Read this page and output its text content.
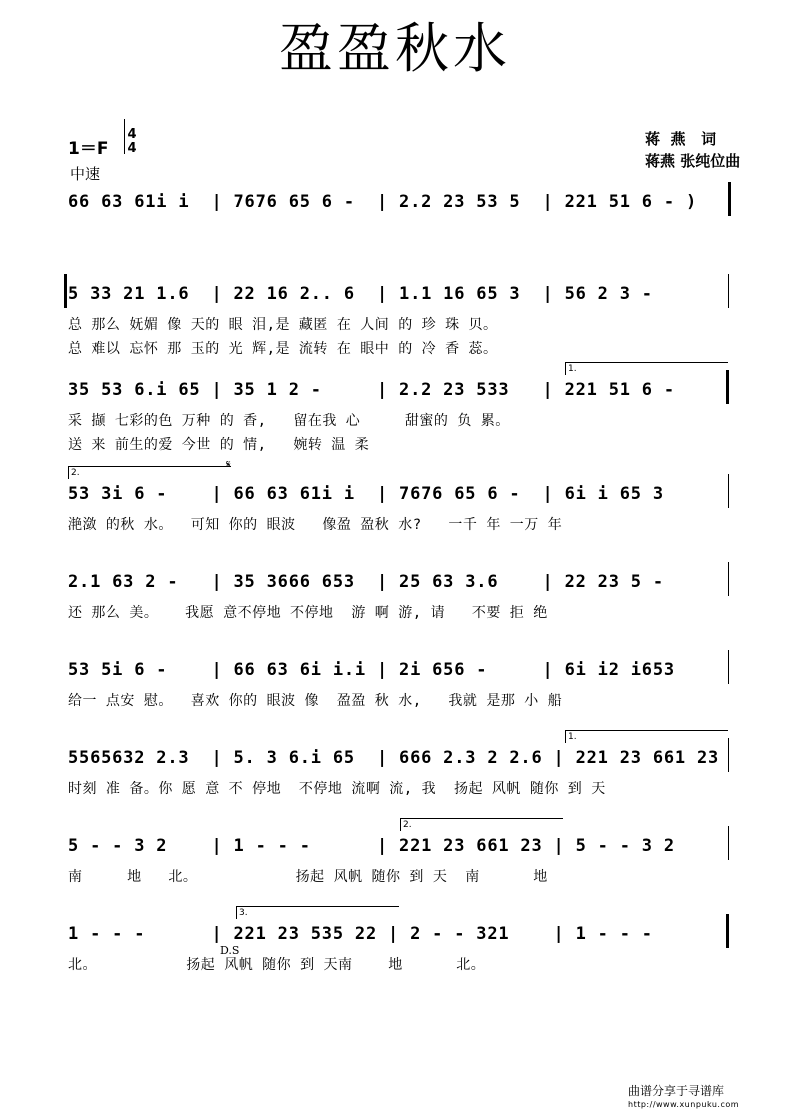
盈盈秋水
1＝F
4
4
中速
蒋  燕   词
蒋燕 张纯位曲
66 63 61i i  | 7676 65 6 -  | 2.2 23 53 5  | 221 51 6 - )
5 33 21 1.6  | 22 16 2.. 6  | 1.1 16 65 3  | 56 2 3 -
总 那么 妩媚 像 天的 眼 泪,是 藏匿 在 人间 的 珍 珠 贝。
总 难以 忘怀 那 玉的 光 辉,是 流转 在 眼中 的 冷 香 蕊。
1.
35 53 6.i 65 | 35 1 2 -     | 2.2 23 533   | 221 51 6 -
采 撷 七彩的色 万种 的 香,   留在我 心     甜蜜的 负 累。
送 来 前生的爱 今世 的 情,   婉转 温 柔
2.
𝄋
53 3i 6 -    | 66 63 61i i  | 7676 65 6 -  | 6i i 65 3
滟潋 的秋 水。  可知 你的 眼波   像盈 盈秋 水?   一千 年 一万 年
2.1 63 2 -   | 35 3666 653  | 25 63 3.6    | 22 23 5 -
还 那么 美。   我愿 意不停地 不停地  游 啊 游, 请   不要 拒 绝
53 5i 6 -    | 66 63 6i i.i | 2i 656 -     | 6i i2 i653
给一 点安 慰。  喜欢 你的 眼波 像  盈盈 秋 水,   我就 是那 小 船
1.
5565632 2.3  | 5. 3 6.i 65  | 666 2.3 2 2.6 | 221 23 661 23
时刻 准 备。你 愿 意 不 停地  不停地 流啊 流, 我  扬起 风帆 随你 到 天
2.
5 - - 3 2    | 1 - - -      | 221 23 661 23 | 5 - - 3 2
南     地   北。           扬起 风帆 随你 到 天  南      地
3.
D.S
1 - - -      | 221 23 535 22 | 2 - - 321    | 1 - - -
北。          扬起 风帆 随你 到 天南    地      北。
曲谱分享于寻谱库
http://www.xunpuku.com
